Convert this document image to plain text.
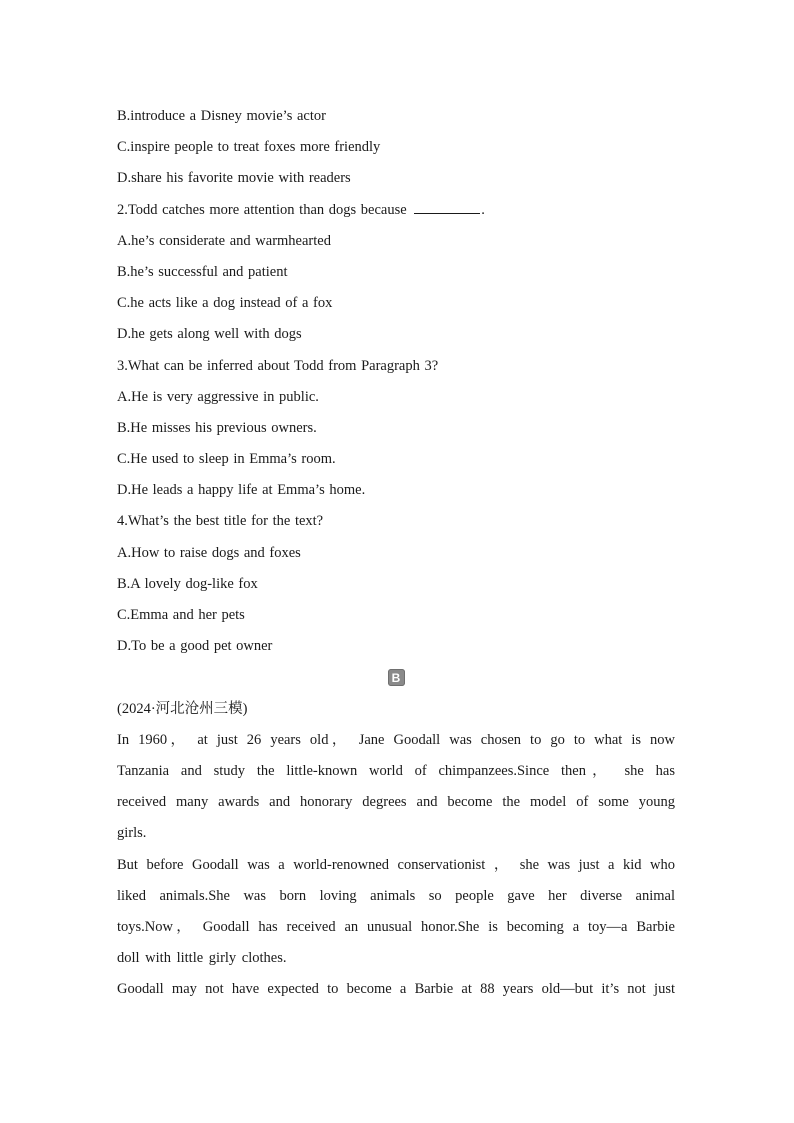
B.introduce a Disney movie’s actor
C.inspire people to treat foxes more friendly
D.share his favorite movie with readers
2.Todd catches more attention than dogs because	.
A.he’s considerate and warmhearted
B.he’s successful and patient
C.he acts like a dog instead of a fox
D.he gets along well with dogs
3.What can be inferred about Todd from Paragraph 3?
A.He is very aggressive in public.
B.He misses his previous owners.
C.He used to sleep in Emma’s room.
D.He leads a happy life at Emma’s home.
4.What’s the best title for the text?
A.How to raise dogs and foxes
B.A lovely dog-like fox
C.Emma and her pets
D.To be a good pet owner
B
(2024·河北沧州三模)
In 1960， at just 26 years old， Jane Goodall was chosen to go to what is now
Tanzania and study the little-known world of chimpanzees.Since then， she has
received many awards and honorary degrees and become the model of some young
girls.
But before Goodall was a world-renowned conservationist ， she was just a kid who
liked animals.She was born loving animals so people gave her diverse animal
toys.Now， Goodall has received an unusual honor.She is becoming a toy—a Barbie
doll with little girly clothes.
Goodall may not have expected to become a Barbie at 88 years old—but it’s not just
